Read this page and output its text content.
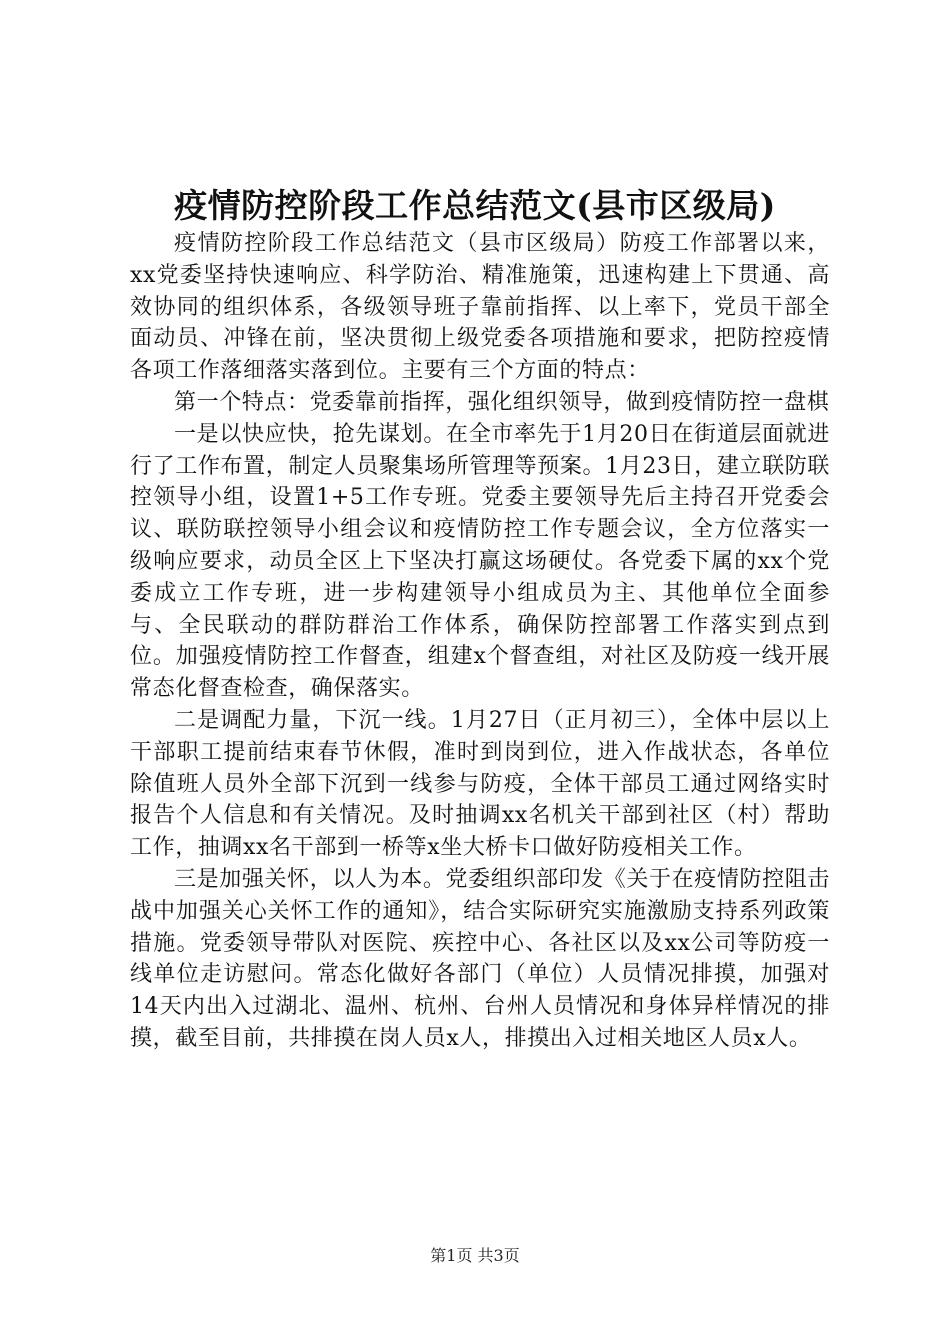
疫情防控阶段工作总结范文(县市区级局)

疫情防控阶段工作总结范文（县市区级局）防疫工作部署以来，xx党委坚持快速响应、科学防治、精准施策，迅速构建上下贯通、高效协同的组织体系，各级领导班子靠前指挥、以上率下，党员干部全面动员、冲锋在前，坚决贯彻上级党委各项措施和要求，把防控疫情各项工作落细落实落到位。主要有三个方面的特点：

第一个特点：党委靠前指挥，强化组织领导，做到疫情防控一盘棋

一是以快应快，抢先谋划。在全市率先于1月20日在街道层面就进行了工作布置，制定人员聚集场所管理等预案。1月23日，建立联防联控领导小组，设置1+5工作专班。党委主要领导先后主持召开党委会议、联防联控领导小组会议和疫情防控工作专题会议，全方位落实一级响应要求，动员全区上下坚决打赢这场硬仗。各党委下属的xx个党委成立工作专班，进一步构建领导小组成员为主、其他单位全面参与、全民联动的群防群治工作体系，确保防控部署工作落实到点到位。加强疫情防控工作督查，组建x个督查组，对社区及防疫一线开展常态化督查检查，确保落实。

二是调配力量，下沉一线。1月27日（正月初三），全体中层以上干部职工提前结束春节休假，准时到岗到位，进入作战状态，各单位除值班人员外全部下沉到一线参与防疫，全体干部员工通过网络实时报告个人信息和有关情况。及时抽调xx名机关干部到社区（村）帮助工作，抽调xx名干部到一桥等x坐大桥卡口做好防疫相关工作。

三是加强关怀，以人为本。党委组织部印发《关于在疫情防控阻击战中加强关心关怀工作的通知》，结合实际研究实施激励支持系列政策措施。党委领导带队对医院、疾控中心、各社区以及xx公司等防疫一线单位走访慰问。常态化做好各部门（单位）人员情况排摸，加强对14天内出入过湖北、温州、杭州、台州人员情况和身体异样情况的排摸，截至目前，共排摸在岗人员x人，排摸出入过相关地区人员x人。

第1页 共3页
